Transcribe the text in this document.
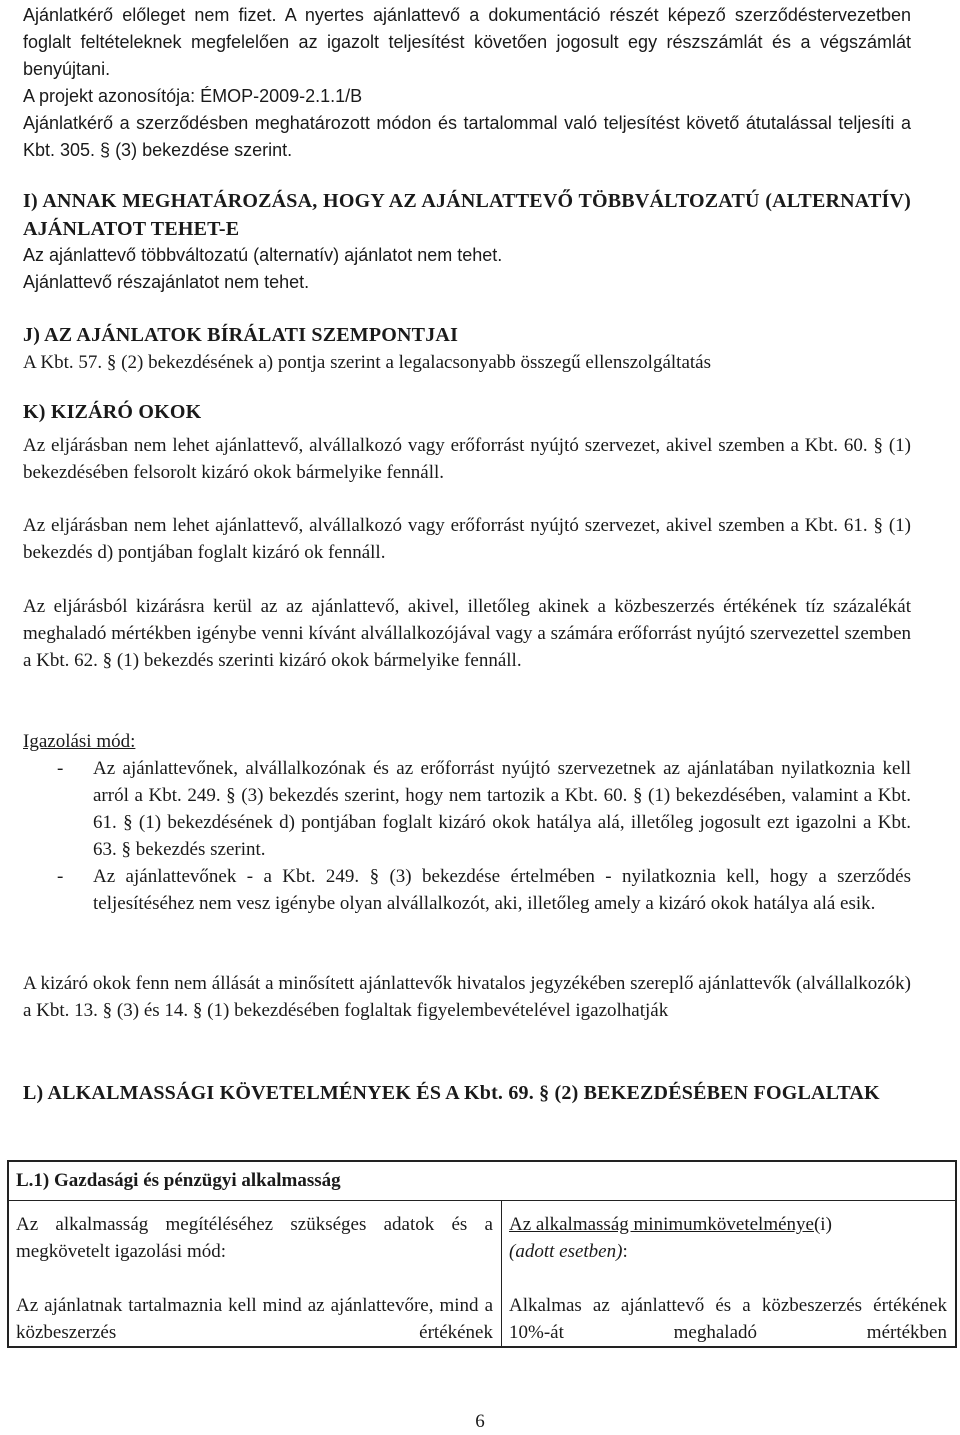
Ajánlatkérő előleget nem fizet. A nyertes ajánlattevő a dokumentáció részét képező szerződéstervezetben foglalt feltételeknek megfelelően az igazolt teljesítést követően jogosult egy részszámlát és a végszámlát benyújtani.

A projekt azonosítója: ÉMOP-2009-2.1.1/B

Ajánlatkérő a szerződésben meghatározott módon és tartalommal való teljesítést követő átutalással teljesíti a Kbt. 305. § (3) bekezdése szerint.

I) ANNAK MEGHATÁROZÁSA, HOGY AZ AJÁNLATTEVŐ TÖBBVÁLTOZATÚ (ALTERNATÍV) AJÁNLATOT TEHET-E

Az ajánlattevő többváltozatú (alternatív) ajánlatot nem tehet.

Ajánlattevő részajánlatot nem tehet.

J) AZ AJÁNLATOK BÍRÁLATI SZEMPONTJAI

A Kbt. 57. § (2) bekezdésének a) pontja szerint a legalacsonyabb összegű ellenszolgáltatás

K) KIZÁRÓ OKOK

Az eljárásban nem lehet ajánlattevő, alvállalkozó vagy erőforrást nyújtó szervezet, akivel szemben a Kbt. 60. § (1) bekezdésében felsorolt kizáró okok bármelyike fennáll.

Az eljárásban nem lehet ajánlattevő, alvállalkozó vagy erőforrást nyújtó szervezet, akivel szemben a Kbt. 61. § (1) bekezdés d) pontjában foglalt kizáró ok fennáll.

Az eljárásból kizárásra kerül az az ajánlattevő, akivel, illetőleg akinek a közbeszerzés értékének tíz százalékát meghaladó mértékben igénybe venni kívánt alvállalkozójával vagy a számára erőforrást nyújtó szervezettel szemben a Kbt. 62. § (1) bekezdés szerinti kizáró okok bármelyike fennáll.

Igazolási mód:

- Az ajánlattevőnek, alvállalkozónak és az erőforrást nyújtó szervezetnek az ajánlatában nyilatkoznia kell arról a Kbt. 249. § (3) bekezdés szerint, hogy nem tartozik a Kbt. 60. § (1) bekezdésében, valamint a Kbt. 61. § (1) bekezdésének d) pontjában foglalt kizáró okok hatálya alá, illetőleg jogosult ezt igazolni a Kbt. 63. § bekezdés szerint.
- Az ajánlattevőnek - a Kbt. 249. § (3) bekezdése értelmében - nyilatkoznia kell, hogy a szerződés teljesítéséhez nem vesz igénybe olyan alvállalkozót, aki, illetőleg amely a kizáró okok hatálya alá esik.

A kizáró okok fenn nem állását a minősített ajánlattevők hivatalos jegyzékében szereplő ajánlattevők (alvállalkozók) a Kbt. 13. § (3) és 14. § (1) bekezdésében foglaltak figyelembevételével igazolhatják

L) ALKALMASSÁGI KÖVETELMÉNYEK ÉS A Kbt. 69. § (2) BEKEZDÉSÉBEN FOGLALTAK
L.1) Gazdasági és pénzügyi alkalmasság
Az alkalmasság megítéléséhez szükséges adatok és a megkövetelt igazolási mód:
Az ajánlatnak tartalmaznia kell mind az ajánlattevőre, mind a közbeszerzés értékének
Az alkalmasság minimumkövetelménye(i)
(adott esetben):
Alkalmas az ajánlattevő és a közbeszerzés értékének 10%-át meghaladó mértékben
6
